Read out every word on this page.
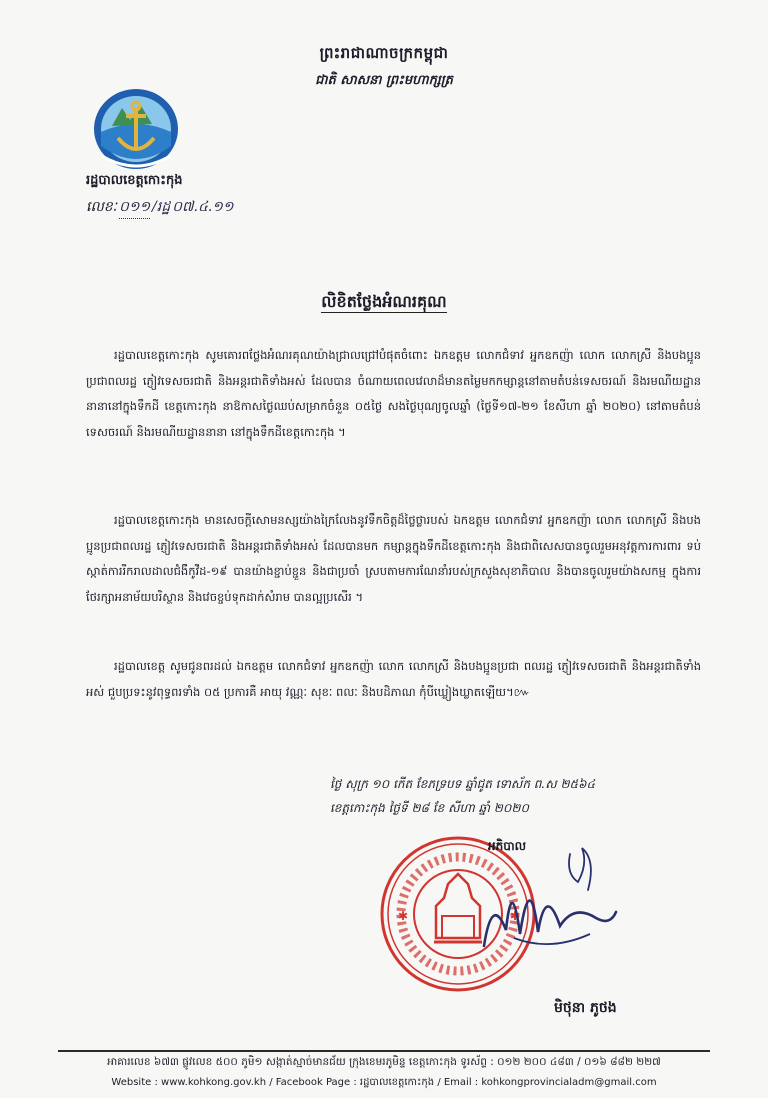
ព្រះរាជាណាចក្រកម្ពុជា
ជាតិ សាសនា ព្រះមហាក្សត្រ
រដ្ឋបាលខេត្តកោះកុង
លេខៈ ០១១ /រដ្ឋ ០៧.៤.១១
លិខិតថ្លែងអំណរគុណ

រដ្ឋបាលខេត្តកោះកុង សូមគោរពថ្លែងអំណរគុណយ៉ាងជ្រាលជ្រៅបំផុតចំពោះ ឯកឧត្តម លោកជំទាវ អ្នកឧកញ៉ា លោក លោកស្រី និងបងប្អូនប្រជាពលរដ្ឋ ភ្ញៀវទេសចរជាតិ និងអន្តរជាតិទាំងអស់ ដែលបាន ចំណាយពេលវេលាដ៏មានតម្លៃមកកម្សាន្តនៅតាមតំបន់ទេសចរណ៍ និងរមណីយដ្ឋាននានានៅក្នុងទឹកដី ខេត្តកោះកុង នាឱកាសថ្ងៃឈប់សម្រាកចំនួន ០៥ថ្ងៃ សងថ្ងៃបុណ្យចូលឆ្នាំ (ថ្ងៃទី១៧-២១ ខែសីហា ឆ្នាំ ២០២០) នៅតាមតំបន់ទេសចរណ៍ និងរមណីយដ្ឋាននានា នៅក្នុងទឹកដីខេត្តកោះកុង ។

រដ្ឋបាលខេត្តកោះកុង មានសេចក្ដីសោមនស្សយ៉ាងក្រៃលែងនូវទឹកចិត្តដ៏ថ្លៃថ្លារបស់ ឯកឧត្តម លោកជំទាវ អ្នកឧកញ៉ា លោក លោកស្រី និងបងប្អូនប្រជាពលរដ្ឋ ភ្ញៀវទេសចរជាតិ និងអន្តរជាតិទាំងអស់ ដែលបានមក កម្សាន្តក្នុងទឹកដីខេត្តកោះកុង និងជាពិសេសបានចូលរួមអនុវត្តការការពារ ទប់ស្កាត់ការរីករាលដាលជំងឺកូវីដ-១៩ បានយ៉ាងខ្ជាប់ខ្ជួន និងជាប្រចាំ ស្របតាមការណែនាំរបស់ក្រសួងសុខាភិបាល និងបានចូលរួមយ៉ាងសកម្ម ក្នុងការថែរក្សាអនាម័យបរិស្ថាន និងវេចខ្ចប់ទុកដាក់សំរាម បានល្អប្រសើរ ។

រដ្ឋបាលខេត្ត សូមជូនពរដល់ ឯកឧត្តម លោកជំទាវ អ្នកឧកញ៉ា លោក លោកស្រី និងបងប្អូនប្រជា ពលរដ្ឋ ភ្ញៀវទេសចរជាតិ និងអន្តរជាតិទាំងអស់ ជួបប្រទះនូវពុទ្ធពរទាំង ០៥ ប្រការគឺ អាយុ វណ្ណៈ សុខៈ ពលៈ និងបដិភាណ កុំបីឃ្លៀងឃ្លាតឡើយ។៚

ថ្ងៃ សុក្រ ១០ កើត ខែភទ្របទ ឆ្នាំជូត ទោស័ក ព.ស ២៥៦៤
ខេត្តកោះកុង ថ្ងៃទី ២៨ ខែ សីហា ឆ្នាំ ២០២០
✱	✱
អភិបាល
មិថុនា ភូថង
អាគារលេខ ៦៧៣ ផ្លូវលេខ ៥០០ ភូមិ១ សង្កាត់ស្មាច់មានជ័យ ក្រុងខេមរភូមិន្ទ ខេត្តកោះកុង ទូរស័ព្ទ : ០១២ ២០០ ៤៨៣ / ០១៦ ៨៨២ ២២៧
Website : www.kohkong.gov.kh / Facebook Page : រដ្ឋបាលខេត្តកោះកុង / Email : kohkongprovincialadm@gmail.com
